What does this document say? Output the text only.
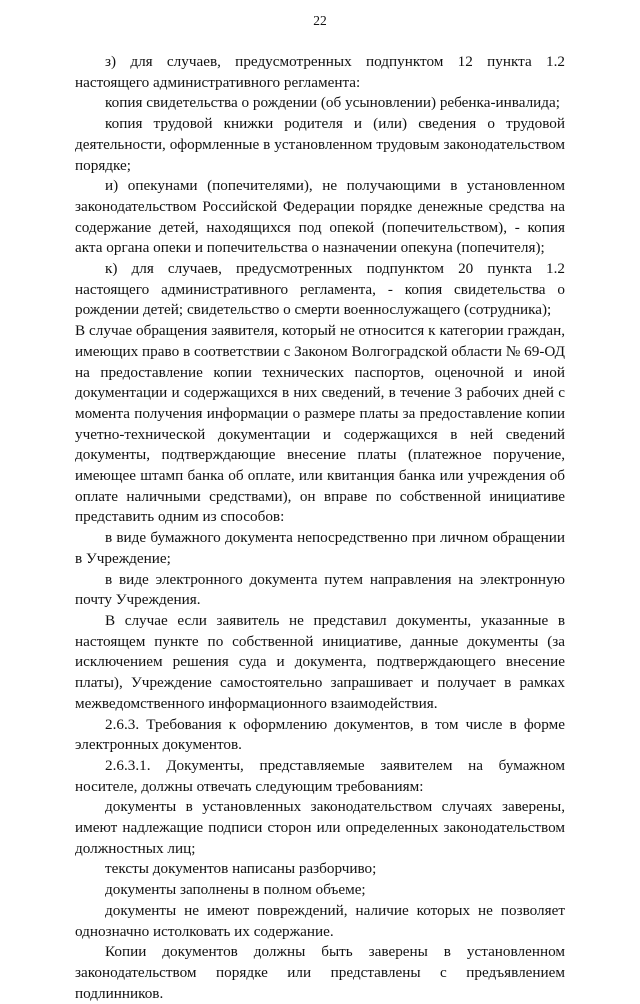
22

з) для случаев, предусмотренных подпунктом 12 пункта 1.2 настоящего административного регламента:

копия свидетельства о рождении (об усыновлении) ребенка-инвалида;

копия трудовой книжки родителя и (или) сведения о трудовой деятельности, оформленные в установленном трудовым законодательством порядке;

и) опекунами (попечителями), не получающими в установленном законодательством Российской Федерации порядке денежные средства на содержание детей, находящихся под опекой (попечительством), - копия акта органа опеки и попечительства о назначении опекуна (попечителя);

к) для случаев, предусмотренных подпунктом 20 пункта 1.2 настоящего административного регламента, - копия свидетельства о рождении детей; свидетельство о смерти военнослужащего (сотрудника);

В случае обращения заявителя, который не относится к категории граждан, имеющих право в соответствии с Законом Волгоградской области № 69-ОД на предоставление копии технических паспортов, оценочной и иной документации и содержащихся в них сведений, в течение 3 рабочих дней с момента получения информации о размере платы за предоставление копии учетно-технической документации и содержащихся в ней сведений документы, подтверждающие внесение платы (платежное поручение, имеющее штамп банка об оплате, или квитанция банка или учреждения об оплате наличными средствами), он вправе по собственной инициативе представить одним из способов:

в виде бумажного документа непосредственно при личном обращении в Учреждение;

в виде электронного документа путем направления на электронную почту Учреждения.

В случае если заявитель не представил документы, указанные в настоящем пункте по собственной инициативе, данные документы (за исключением решения суда и документа, подтверждающего внесение платы), Учреждение самостоятельно запрашивает и получает в рамках межведомственного информационного взаимодействия.

2.6.3. Требования к оформлению документов, в том числе в форме электронных документов.

2.6.3.1. Документы, представляемые заявителем на бумажном носителе, должны отвечать следующим требованиям:

документы в установленных законодательством случаях заверены, имеют надлежащие подписи сторон или определенных законодательством должностных лиц;

тексты документов написаны разборчиво;

документы заполнены в полном объеме;

документы не имеют повреждений, наличие которых не позволяет однозначно истолковать их содержание.

Копии документов должны быть заверены в установленном законодательством порядке или представлены с предъявлением подлинников.
